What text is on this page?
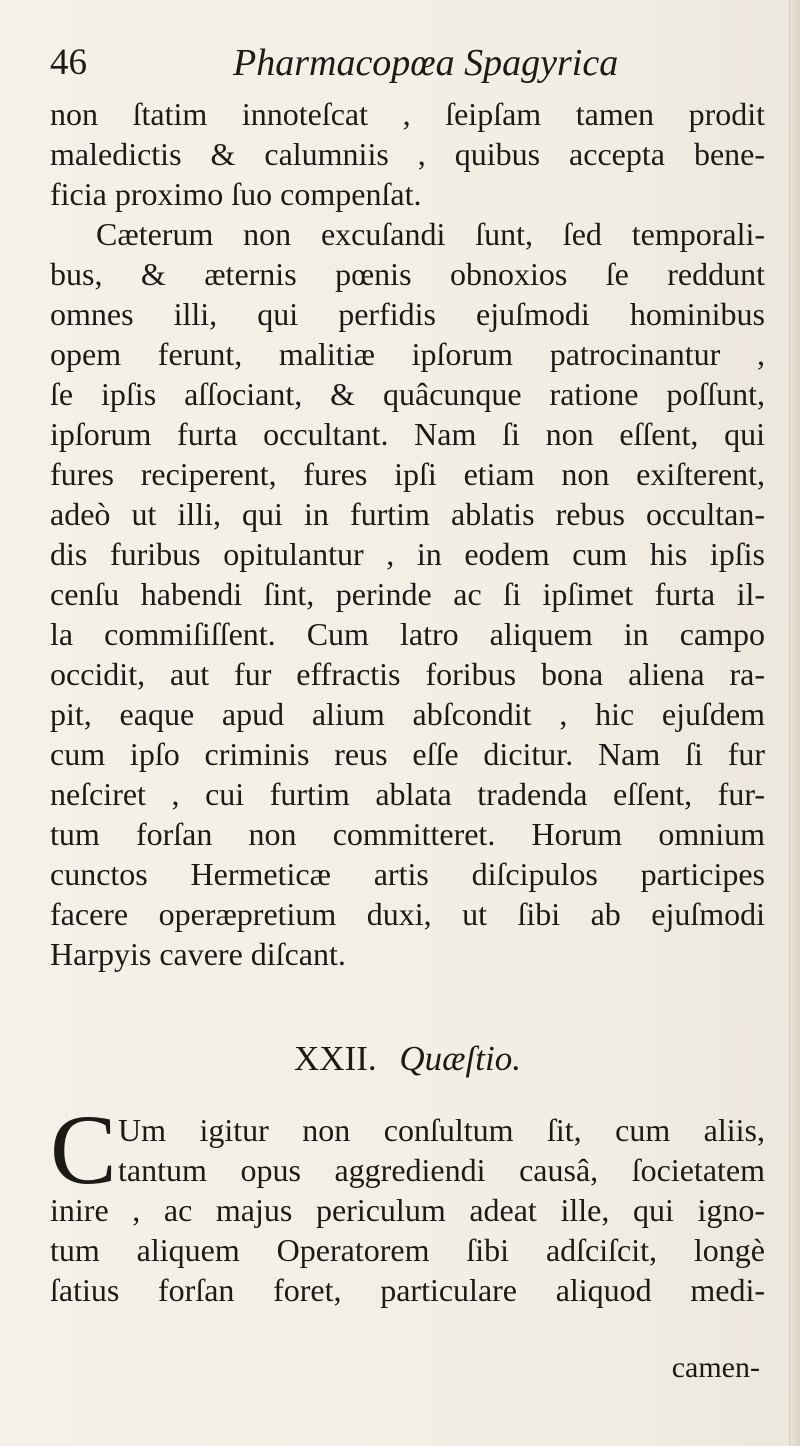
46	Pharmacopœa Spagyrica
non ſtatim innoteſcat , ſeipſam tamen prodit
maledictis & calumniis , quibus accepta bene-
ficia proximo ſuo compenſat.
Cæterum non excuſandi ſunt, ſed temporali-
bus, & æternis pœnis obnoxios ſe reddunt
omnes illi, qui perfidis ejuſmodi hominibus
opem ferunt, malitiæ ipſorum patrocinantur ,
ſe ipſis aſſociant, & quâcunque ratione poſſunt,
ipſorum furta occultant. Nam ſi non eſſent, qui
fures reciperent, fures ipſi etiam non exiſterent,
adeò ut illi, qui in furtim ablatis rebus occultan-
dis furibus opitulantur , in eodem cum his ipſis
cenſu habendi ſint, perinde ac ſi ipſimet furta il-
la commiſiſſent. Cum latro aliquem in campo
occidit, aut fur effractis foribus bona aliena ra-
pit, eaque apud alium abſcondit , hic ejuſdem
cum ipſo criminis reus eſſe dicitur. Nam ſi fur
neſciret , cui furtim ablata tradenda eſſent, fur-
tum forſan non committeret. Horum omnium
cunctos Hermeticæ artis diſcipulos participes
facere operæpretium duxi, ut ſibi ab ejuſmodi
Harpyis cavere diſcant.
XXII. Quæſtio.
C Um igitur non conſultum ſit, cum aliis,
tantum opus aggrediendi causâ, ſocietatem
inire , ac majus periculum adeat ille, qui igno-
tum aliquem Operatorem ſibi adſciſcit, longè
ſatius forſan foret, particulare aliquod medi-
camen-
